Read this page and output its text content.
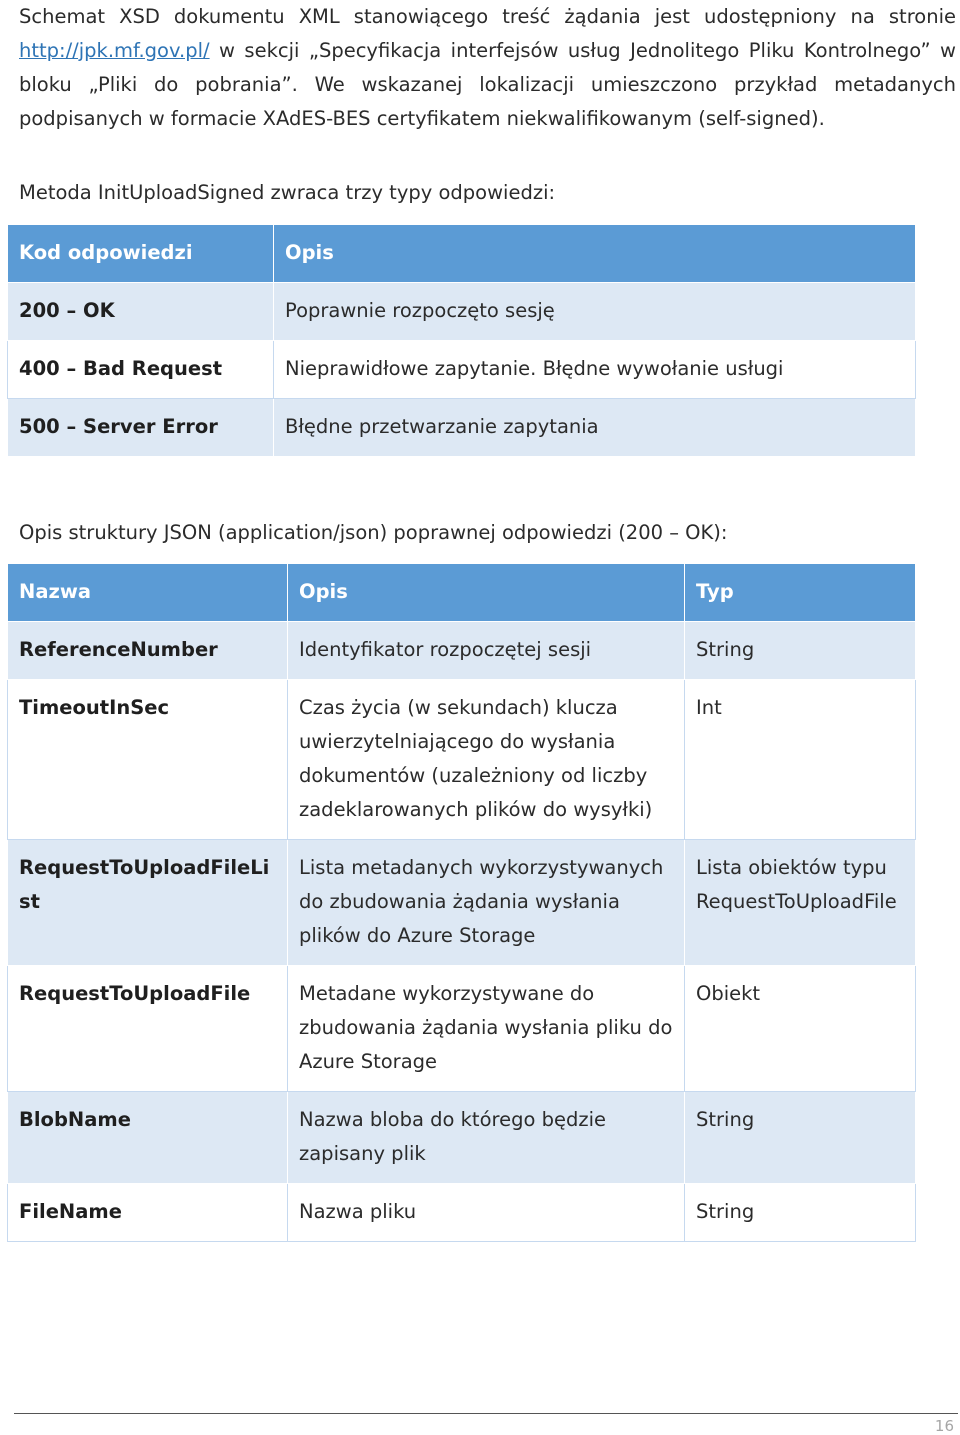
Schemat XSD dokumentu XML stanowiącego treść żądania jest udostępniony na stronie http://jpk.mf.gov.pl/ w sekcji „Specyfikacja interfejsów usług Jednolitego Pliku Kontrolnego” w bloku „Pliki do pobrania”. We wskazanej lokalizacji umieszczono przykład metadanych podpisanych w formacie XAdES-BES certyfikatem niekwalifikowanym (self-signed).
Metoda InitUploadSigned zwraca trzy typy odpowiedzi:
Kod odpowiedzi	Opis
200 – OK	Poprawnie rozpoczęto sesję
400 – Bad Request	Nieprawidłowe zapytanie. Błędne wywołanie usługi
500 – Server Error	Błędne przetwarzanie zapytania
Opis struktury JSON (application/json) poprawnej odpowiedzi (200 – OK):
Nazwa	Opis	Typ
ReferenceNumber	Identyfikator rozpoczętej sesji	String
TimeoutInSec	Czas życia (w sekundach) klucza uwierzytelniającego do wysłania dokumentów (uzależniony od liczby zadeklarowanych plików do wysyłki)	Int
RequestToUploadFileList	Lista metadanych wykorzystywanych do zbudowania żądania wysłania plików do Azure Storage	Lista obiektów typu RequestToUploadFile
RequestToUploadFile	Metadane wykorzystywane do zbudowania żądania wysłania pliku do Azure Storage	Obiekt
BlobName	Nazwa bloba do którego będzie zapisany plik	String
FileName	Nazwa pliku	String
16
